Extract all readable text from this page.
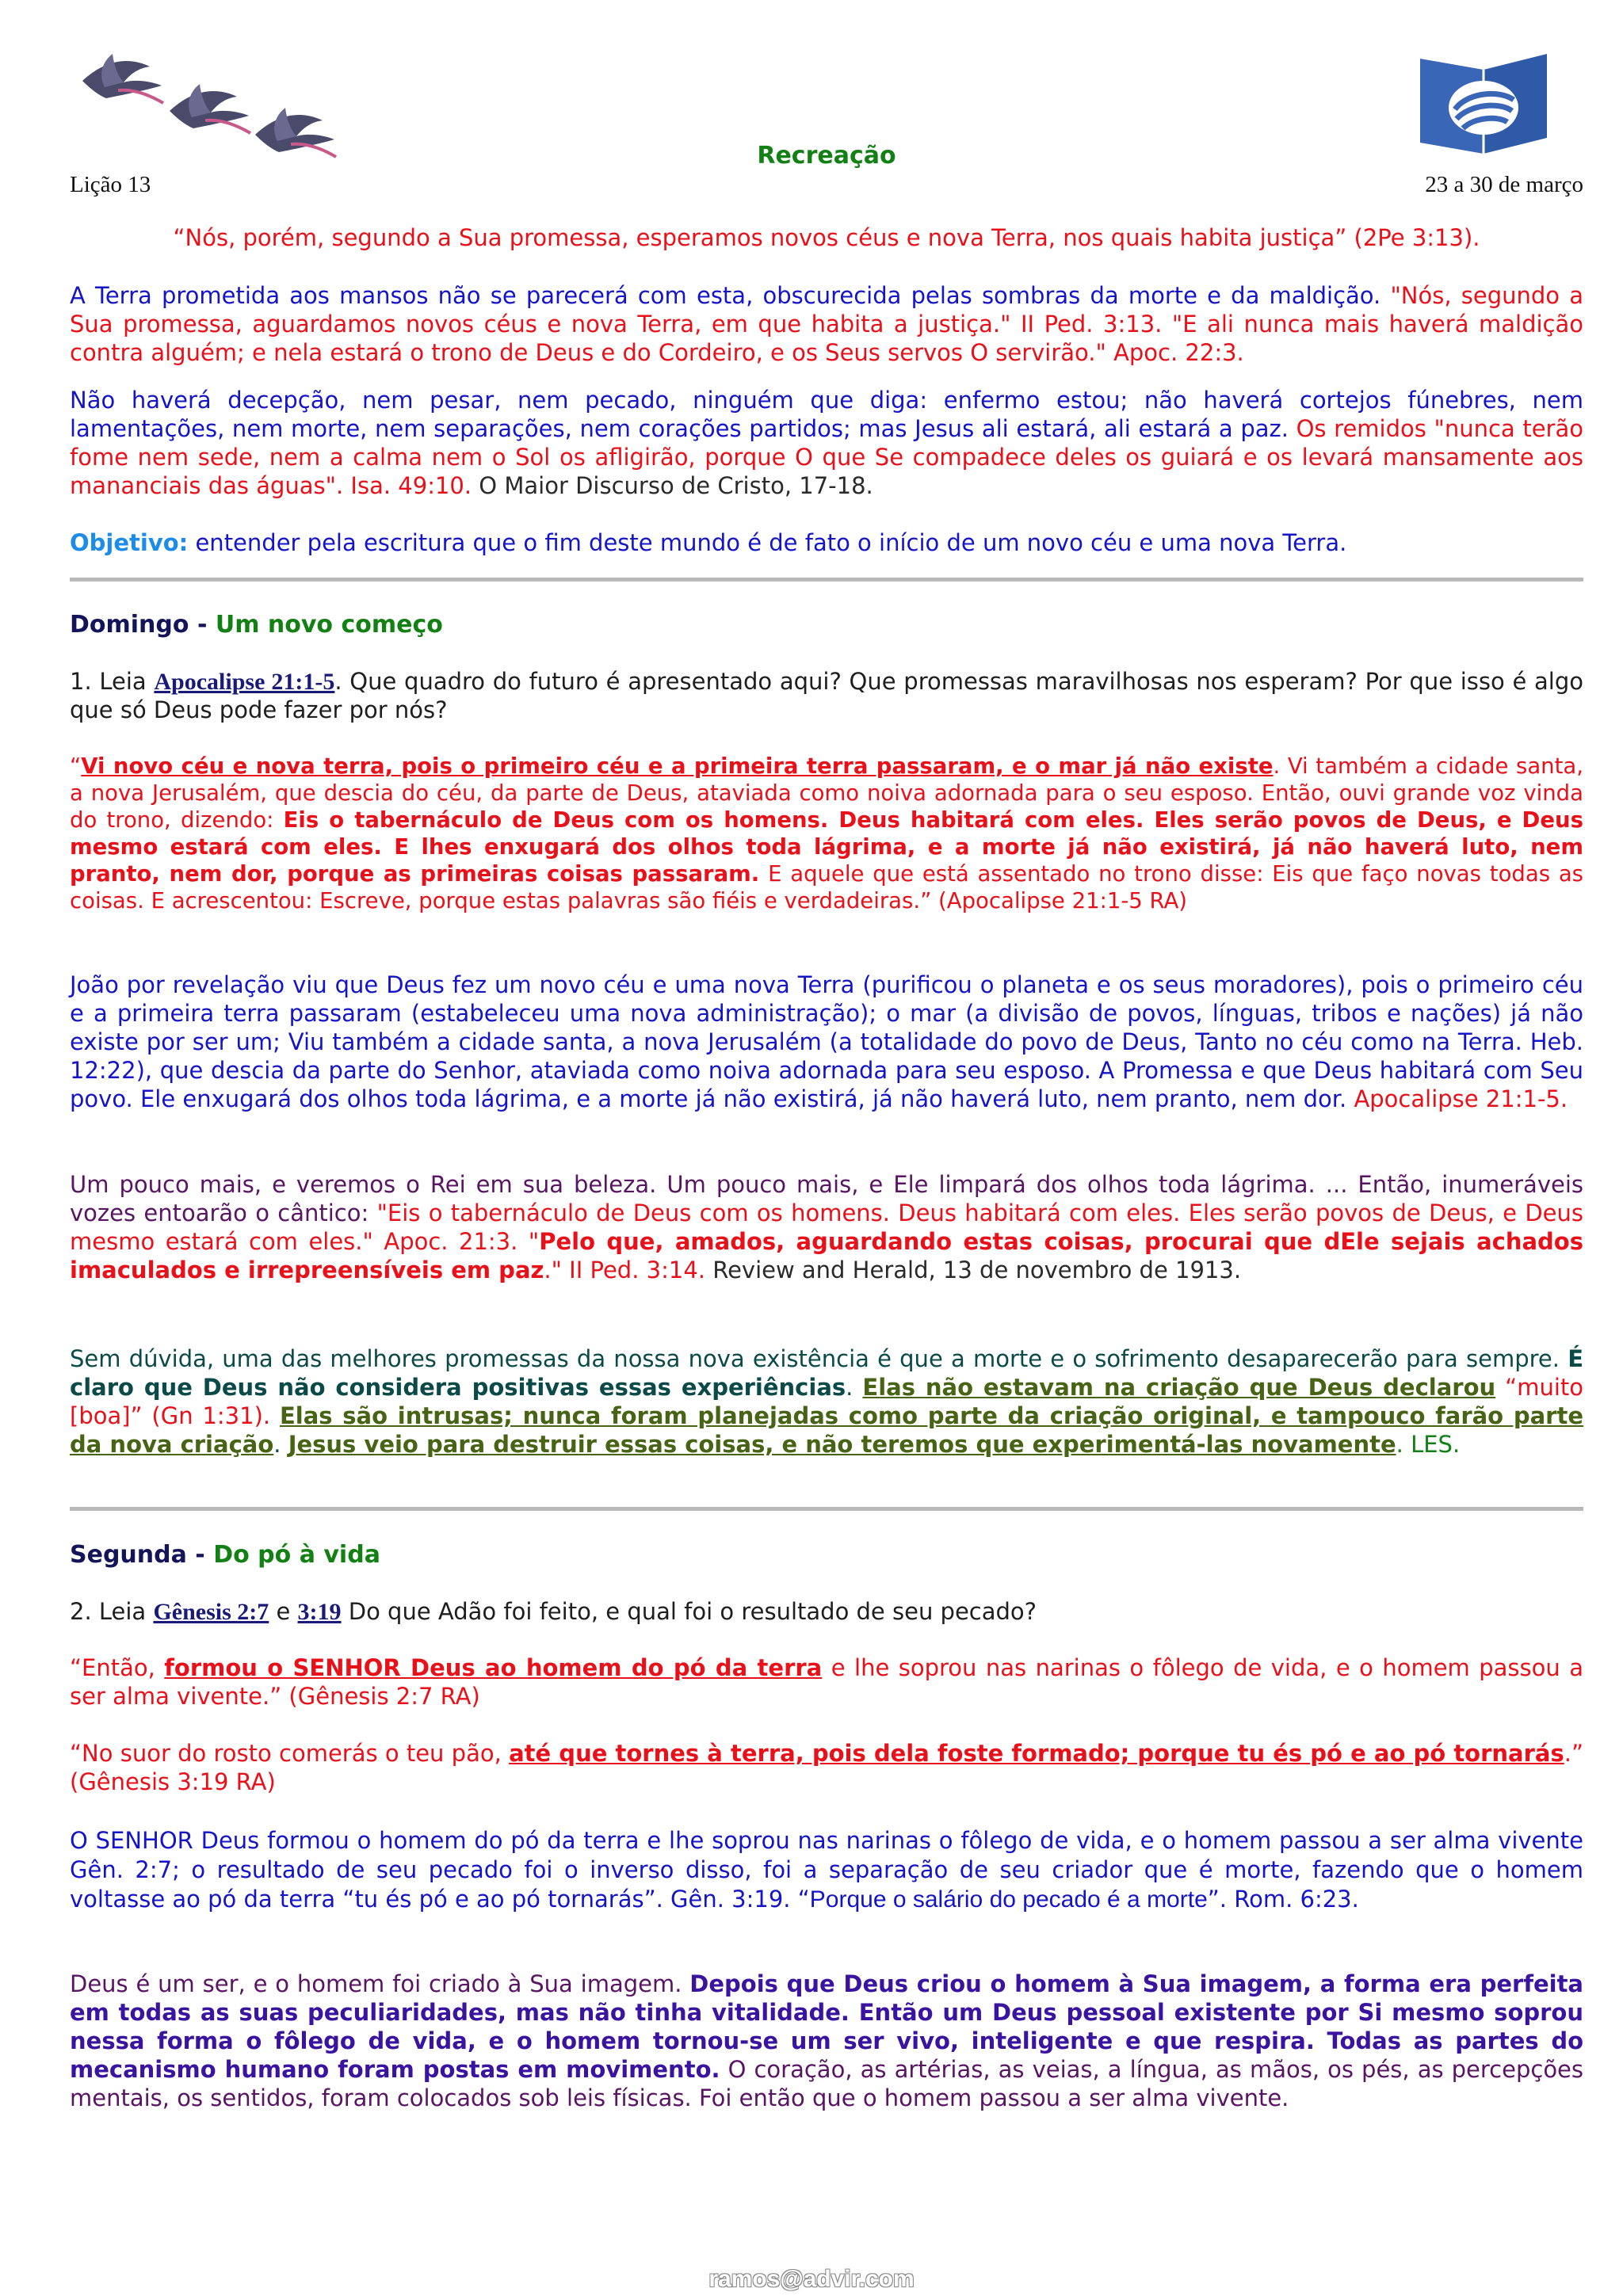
Recreação
Lição 13	23 a 30 de março

“Nós, porém, segundo a Sua promessa, esperamos novos céus e nova Terra, nos quais habita justiça” (2Pe 3:13).

A Terra prometida aos mansos não se parecerá com esta, obscurecida pelas sombras da morte e da maldição. "Nós, segundo a Sua promessa, aguardamos novos céus e nova Terra, em que habita a justiça." II Ped. 3:13. "E ali nunca mais haverá maldição contra alguém; e nela estará o trono de Deus e do Cordeiro, e os Seus servos O servirão." Apoc. 22:3.

Não haverá decepção, nem pesar, nem pecado, ninguém que diga: enfermo estou; não haverá cortejos fúnebres, nem lamentações, nem morte, nem separações, nem corações partidos; mas Jesus ali estará, ali estará a paz. Os remidos "nunca terão fome nem sede, nem a calma nem o Sol os afligirão, porque O que Se compadece deles os guiará e os levará mansamente aos mananciais das águas". Isa. 49:10. O Maior Discurso de Cristo, 17-18.

Objetivo: entender pela escritura que o fim deste mundo é de fato o início de um novo céu e uma nova Terra.

Domingo - Um novo começo

1. Leia Apocalipse 21:1-5. Que quadro do futuro é apresentado aqui? Que promessas maravilhosas nos esperam? Por que isso é algo que só Deus pode fazer por nós?

“Vi novo céu e nova terra, pois o primeiro céu e a primeira terra passaram, e o mar já não existe. Vi também a cidade santa, a nova Jerusalém, que descia do céu, da parte de Deus, ataviada como noiva adornada para o seu esposo. Então, ouvi grande voz vinda do trono, dizendo: Eis o tabernáculo de Deus com os homens. Deus habitará com eles. Eles serão povos de Deus, e Deus mesmo estará com eles. E lhes enxugará dos olhos toda lágrima, e a morte já não existirá, já não haverá luto, nem pranto, nem dor, porque as primeiras coisas passaram. E aquele que está assentado no trono disse: Eis que faço novas todas as coisas. E acrescentou: Escreve, porque estas palavras são fiéis e verdadeiras.” (Apocalipse 21:1-5 RA)

João por revelação viu que Deus fez um novo céu e uma nova Terra (purificou o planeta e os seus moradores), pois o primeiro céu e a primeira terra passaram (estabeleceu uma nova administração); o mar (a divisão de povos, línguas, tribos e nações) já não existe por ser um; Viu também a cidade santa, a nova Jerusalém (a totalidade do povo de Deus, Tanto no céu como na Terra. Heb. 12:22), que descia da parte do Senhor, ataviada como noiva adornada para seu esposo. A Promessa e que Deus habitará com Seu povo. Ele enxugará dos olhos toda lágrima, e a morte já não existirá, já não haverá luto, nem pranto, nem dor. Apocalipse 21:1-5.

Um pouco mais, e veremos o Rei em sua beleza. Um pouco mais, e Ele limpará dos olhos toda lágrima. ... Então, inumeráveis vozes entoarão o cântico: "Eis o tabernáculo de Deus com os homens. Deus habitará com eles. Eles serão povos de Deus, e Deus mesmo estará com eles." Apoc. 21:3. "Pelo que, amados, aguardando estas coisas, procurai que dEle sejais achados imaculados e irrepreensíveis em paz." II Ped. 3:14. Review and Herald, 13 de novembro de 1913.

Sem dúvida, uma das melhores promessas da nossa nova existência é que a morte e o sofrimento desaparecerão para sempre. É claro que Deus não considera positivas essas experiências. Elas não estavam na criação que Deus declarou “muito [boa]” (Gn 1:31). Elas são intrusas; nunca foram planejadas como parte da criação original, e tampouco farão parte da nova criação. Jesus veio para destruir essas coisas, e não teremos que experimentá-las novamente. LES.

Segunda - Do pó à vida

2. Leia Gênesis 2:7 e 3:19 Do que Adão foi feito, e qual foi o resultado de seu pecado?

“Então, formou o SENHOR Deus ao homem do pó da terra e lhe soprou nas narinas o fôlego de vida, e o homem passou a ser alma vivente.” (Gênesis 2:7 RA)

“No suor do rosto comerás o teu pão, até que tornes à terra, pois dela foste formado; porque tu és pó e ao pó tornarás.” (Gênesis 3:19 RA)

O SENHOR Deus formou o homem do pó da terra e lhe soprou nas narinas o fôlego de vida, e o homem passou a ser alma vivente Gên. 2:7; o resultado de seu pecado foi o inverso disso, foi a separação de seu criador que é morte, fazendo que o homem voltasse ao pó da terra “tu és pó e ao pó tornarás”. Gên. 3:19. “Porque o salário do pecado é a morte”. Rom. 6:23.

Deus é um ser, e o homem foi criado à Sua imagem. Depois que Deus criou o homem à Sua imagem, a forma era perfeita em todas as suas peculiaridades, mas não tinha vitalidade. Então um Deus pessoal existente por Si mesmo soprou nessa forma o fôlego de vida, e o homem tornou-se um ser vivo, inteligente e que respira. Todas as partes do mecanismo humano foram postas em movimento. O coração, as artérias, as veias, a língua, as mãos, os pés, as percepções mentais, os sentidos, foram colocados sob leis físicas. Foi então que o homem passou a ser alma vivente.

ramos@advir.com
